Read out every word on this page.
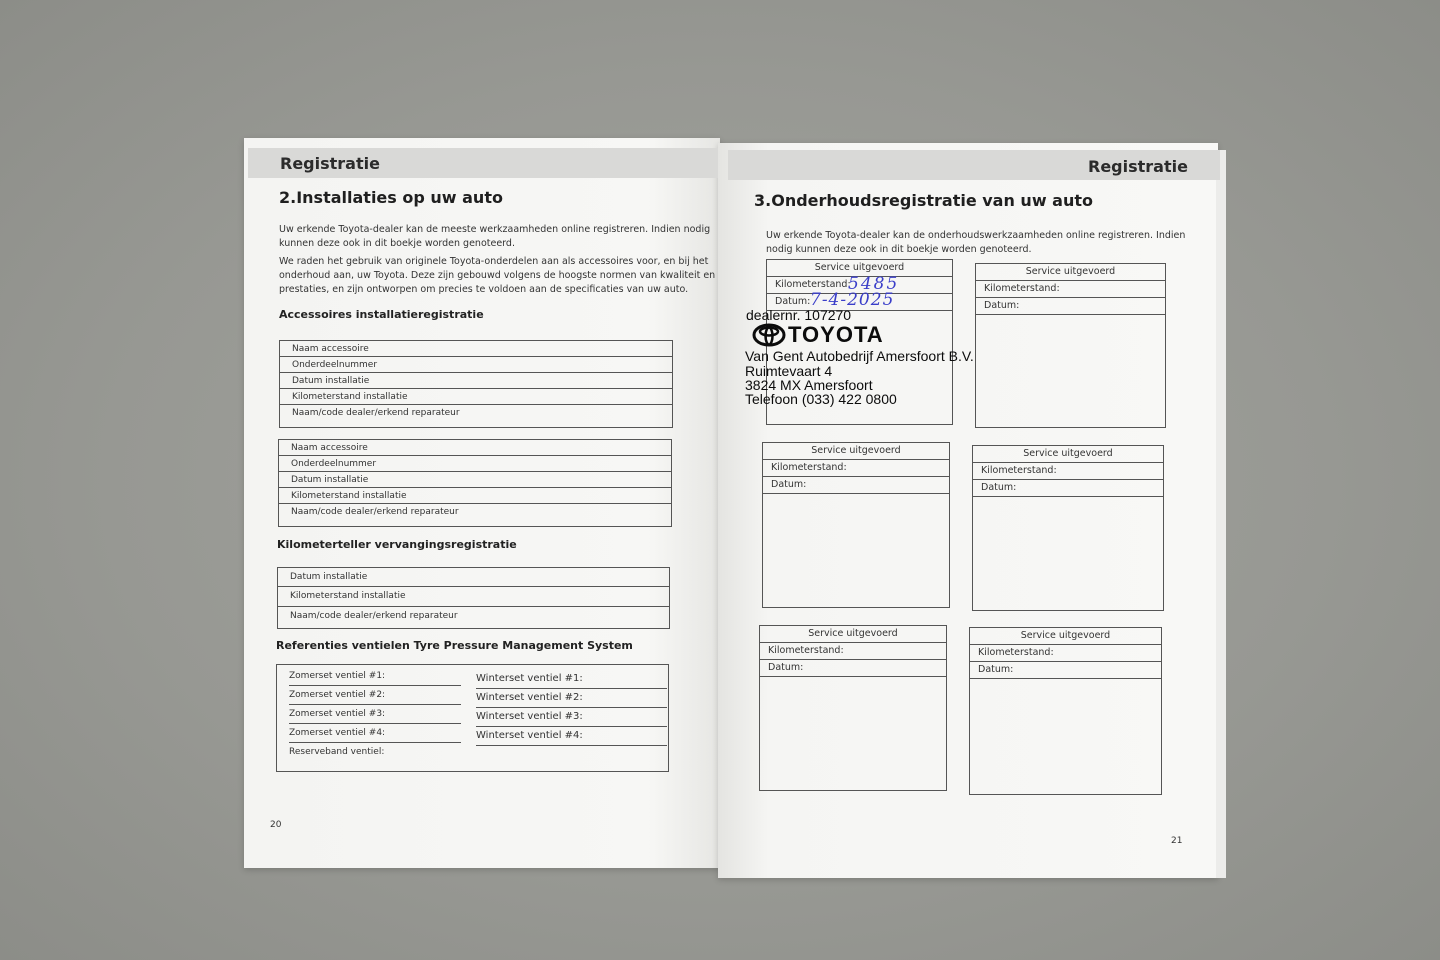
Registratie
2.Installaties op uw auto
Uw erkende Toyota-dealer kan de meeste werkzaamheden online registreren. Indien nodig
kunnen deze ook in dit boekje worden genoteerd.
We raden het gebruik van originele Toyota-onderdelen aan als accessoires voor, en bij het
onderhoud aan, uw Toyota. Deze zijn gebouwd volgens de hoogste normen van kwaliteit en
prestaties, en zijn ontworpen om precies te voldoen aan de specificaties van uw auto.
Accessoires installatieregistratie
Naam accessoire
Onderdeelnummer
Datum installatie
Kilometerstand installatie
Naam/code dealer/erkend reparateur
Naam accessoire
Onderdeelnummer
Datum installatie
Kilometerstand installatie
Naam/code dealer/erkend reparateur
Kilometerteller vervangingsregistratie
Datum installatie
Kilometerstand installatie
Naam/code dealer/erkend reparateur
Referenties ventielen Tyre Pressure Management System
Zomerset ventiel #1:
Zomerset ventiel #2:
Zomerset ventiel #3:
Zomerset ventiel #4:
Reserveband ventiel:
Winterset ventiel #1:
Winterset ventiel #2:
Winterset ventiel #3:
Winterset ventiel #4:
20
Registratie
3.Onderhoudsregistratie van uw auto
Uw erkende Toyota-dealer kan de onderhoudswerkzaamheden online registreren. Indien
nodig kunnen deze ook in dit boekje worden genoteerd.
Service uitgevoerd
Kilometerstand:
Datum:
Service uitgevoerd
Kilometerstand:
Datum:
Service uitgevoerd
Kilometerstand:
Datum:
Service uitgevoerd
Kilometerstand:
Datum:
Service uitgevoerd
Kilometerstand:
Datum:
Service uitgevoerd
Kilometerstand:
Datum:
5485
7-4-2025
dealernr. 107270
TOYOTA
Van Gent Autobedrijf Amersfoort B.V.
Ruimtevaart 4
3824 MX Amersfoort
Telefoon (033) 422 0800
21
